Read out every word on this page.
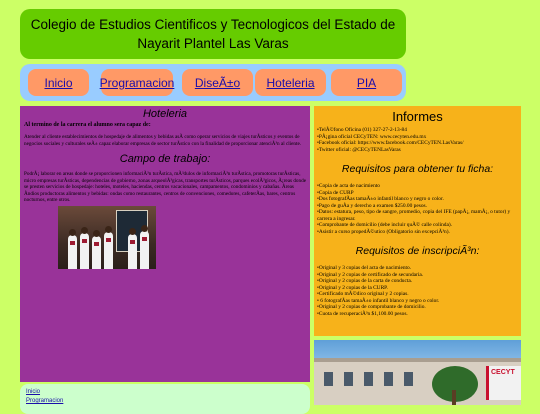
Colegio de Estudios Cientificos y Tecnologicos del Estado de
Nayarit Plantel Las Varas
Inicio	Programacion	DiseÃ±o	Hoteleria	PIA
Hoteleria
Al termino de la carrera el alumno sera capaz de:

Atender al cliente establecimientos de hospedaje de alimentos y bebidas asÃ como operar servicios de viajes turÃsticos y eventos de negocios sociales y culturales seÃ± capaz elaborar empresas de sector turÃstico con la finalidad de proporcionar atenciÃ³n al cliente.

Campo de trabajo:

PodrÃ¡ laborar en areas donde se proporcionen informaciÃ³n turÃstica, mÃ³dulos de informaciÃ³n turÃstica, promotoras turÃsticas, micro empresas turÃsticas, dependencias de gobierno, zonas arqueolÃ³gicas, transportes turÃsticos, parques ecolÃ³gicos, Ã¡reas donde se presten servicios de hospedaje: hoteles, moteles, haciendas, centros vacacionales, campamentos, condominios y cabañas. Ãreas Ãndios productoras alimentos y bebidas: ondas como restaurantes, centros de convenciones, comedores, cafeterÃas, bares, centros nocturnos, entre otros.

Inicio
Programacion
Informes
•TelÃ©fono Oficina (01) 327-27-2-13-84
•PÃ¡gina oficial CECyTEN: www.cecyten.edu.mx
•Facebook oficial: https://www.facebook.com/CECyTEN.LasVaras/
•Twitter oficial: @CECyTENLasVaras
Requisitos para obtener tu ficha:
•Copia de acta de nacimiento
•Copia de CURP
•Dos fotografÃas tamaÃ±o infantil blanco y negro o color.
•Pago de guÃa y derecho a examen $250.00 pesos.
•Datos: estatura, peso, tipo de sangre, promedio, copia del IFE (papÃ¡, mamÃ¡, o tutor) y carrera a ingresar.
•Comprobante de domicilio (debe incluir quÃ© calle colinda).
•Asistir a curso propedÃ©utico (Obligatorio sin excepciÃ³n).
Requisitos de inscripciÃ³n:
•Original y 3 copias del acta de nacimiento.
•Original y 2 copias de certificado de secundaria.
•Original y 2 copias de la carta de conducta.
•Original y 2 copias de la CURP.
•Certificado mÃ©dico original y 2 copias.
• 6 fotografÃas tamaÃ±o infantil blanco y negro o color.
•Original y 2 copias de comprobante de domicilio.
•Cuota de recuperaciÃ³n $1,100.00 pesos.
CECYT
